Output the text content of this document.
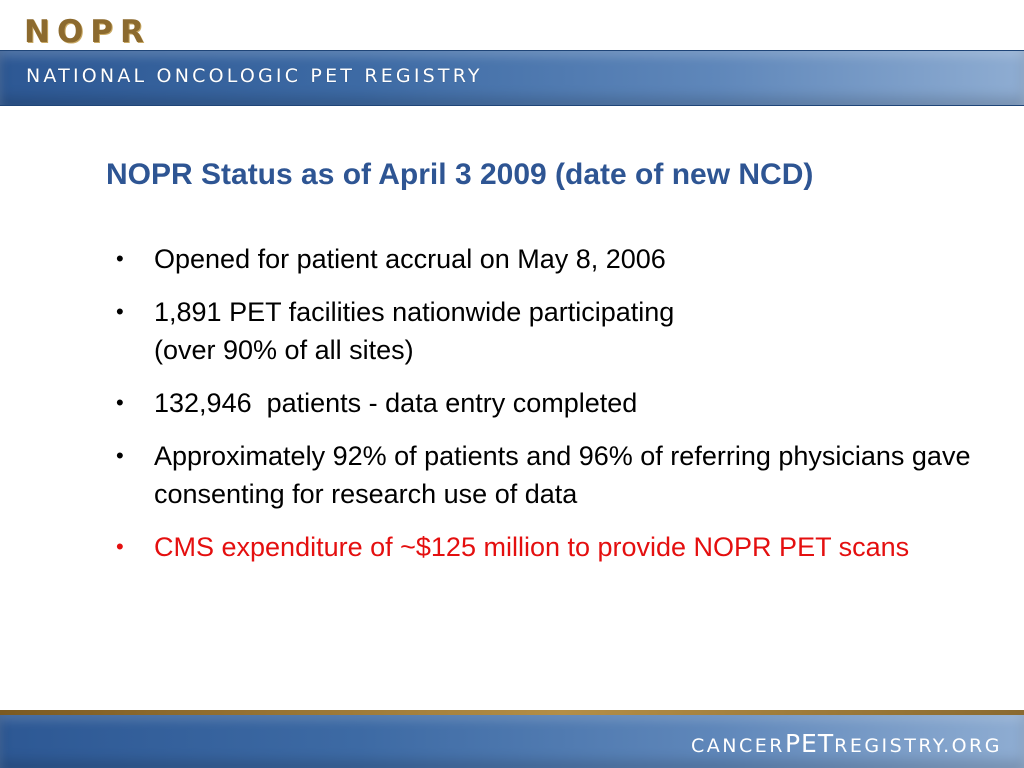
NOPR
NATIONAL ONCOLOGIC PET REGISTRY
NOPR Status as of April 3 2009 (date of new NCD)
• Opened for patient accrual on May 8, 2006
• 1,891 PET facilities nationwide participating
(over 90% of all sites)
• 132,946  patients - data entry completed
• Approximately 92% of patients and 96% of referring physicians gave consenting for research use of data
• CMS expenditure of ~$125 million to provide NOPR PET scans
CANCERPETREGISTRY.ORG
